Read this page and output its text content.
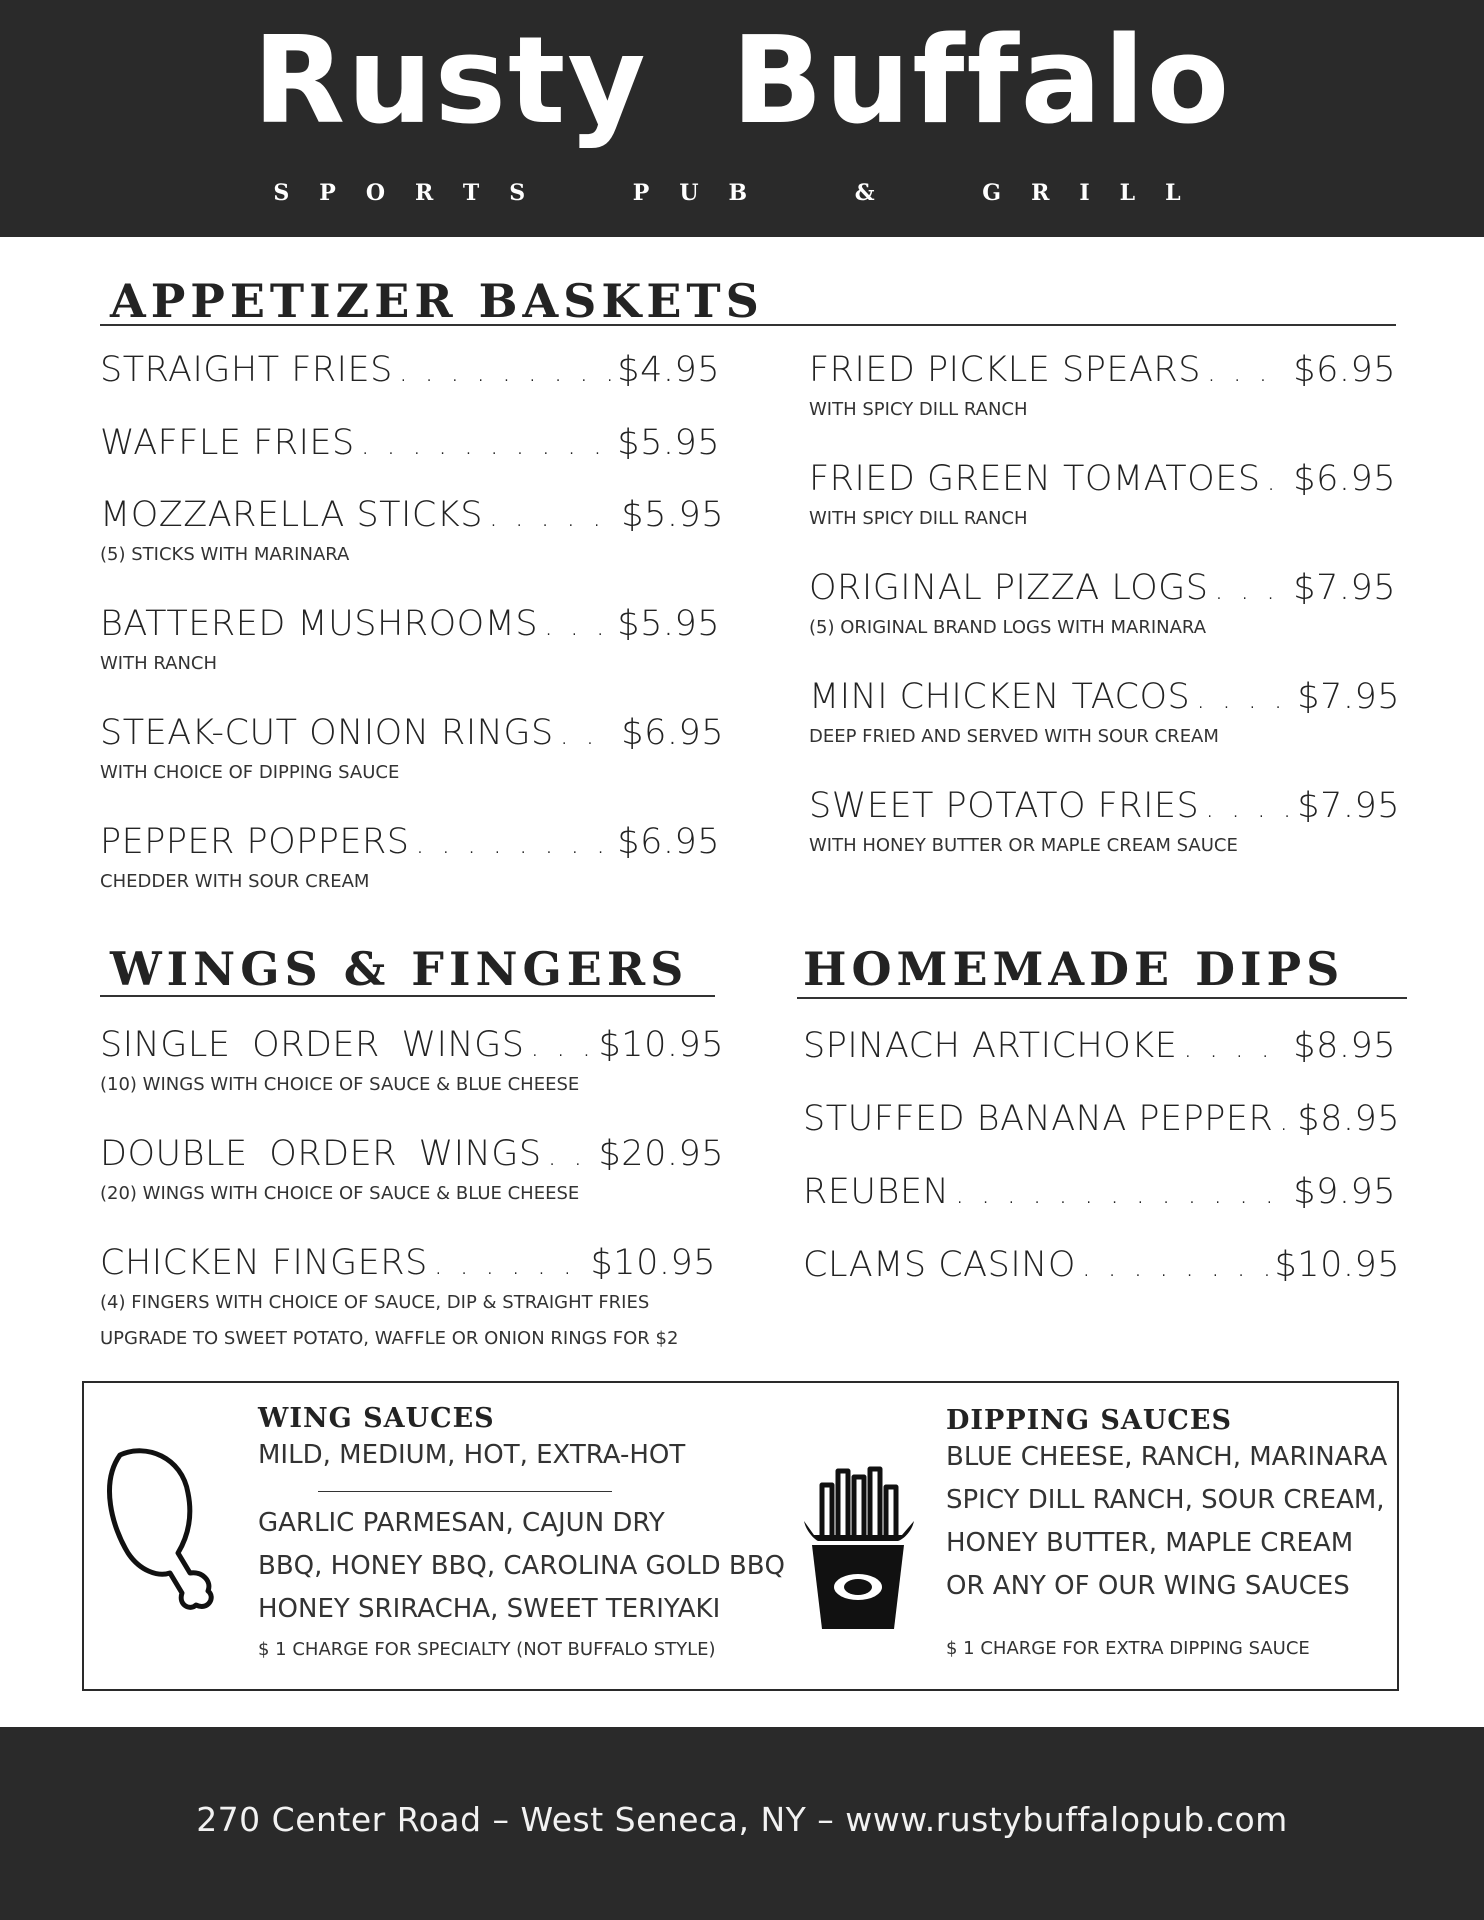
Rusty Buffalo
SPORTS PUB & GRILL
APPETIZER BASKETS
STRAIGHT FRIES . . .	$4.95
WAFFLE FRIES . . .	$5.95
MOZZARELLA STICKS . . .	$5.95
(5) STICKS WITH MARINARA
BATTERED MUSHROOMS . . . $5.95
WITH RANCH
STEAK-CUT ONION RINGS . . . $6.95
WITH CHOICE OF DIPPING SAUCE
PEPPER POPPERS . . .	$6.95
CHEDDER WITH SOUR CREAM
FRIED PICKLE SPEARS . . .	$6.95
WITH SPICY DILL RANCH
FRIED GREEN TOMATOES . . . $6.95
WITH SPICY DILL RANCH
ORIGINAL PIZZA LOGS . . . $7.95
(5) ORIGINAL BRAND LOGS WITH MARINARA
MINI CHICKEN TACOS . . .	$7.95
DEEP FRIED AND SERVED WITH SOUR CREAM
SWEET POTATO FRIES . . .	$7.95
WITH HONEY BUTTER OR MAPLE CREAM SAUCE
WINGS & FINGERS
SINGLE ORDER WINGS . . . $10.95
(10) WINGS WITH CHOICE OF SAUCE & BLUE CHEESE
DOUBLE ORDER WINGS . . . $20.95
(20) WINGS WITH CHOICE OF SAUCE & BLUE CHEESE
CHICKEN FINGERS . . .	$10.95
(4) FINGERS WITH CHOICE OF SAUCE, DIP & STRAIGHT FRIES
UPGRADE TO SWEET POTATO, WAFFLE OR ONION RINGS FOR $2
HOMEMADE DIPS
SPINACH ARTICHOKE . . .	$8.95
STUFFED BANANA PEPPER . . . $8.95
REUBEN . . .	$9.95
CLAMS CASINO . . .	$10.95
WING SAUCES
MILD, MEDIUM, HOT, EXTRA-HOT
GARLIC PARMESAN, CAJUN DRY
BBQ, HONEY BBQ, CAROLINA GOLD BBQ
HONEY SRIRACHA, SWEET TERIYAKI
$ 1 CHARGE FOR SPECIALTY (NOT BUFFALO STYLE)
DIPPING SAUCES
BLUE CHEESE, RANCH, MARINARA
SPICY DILL RANCH, SOUR CREAM,
HONEY BUTTER, MAPLE CREAM
OR ANY OF OUR WING SAUCES
$ 1 CHARGE FOR EXTRA DIPPING SAUCE
270 Center Road – West Seneca, NY – www.rustybuffalopub.com
